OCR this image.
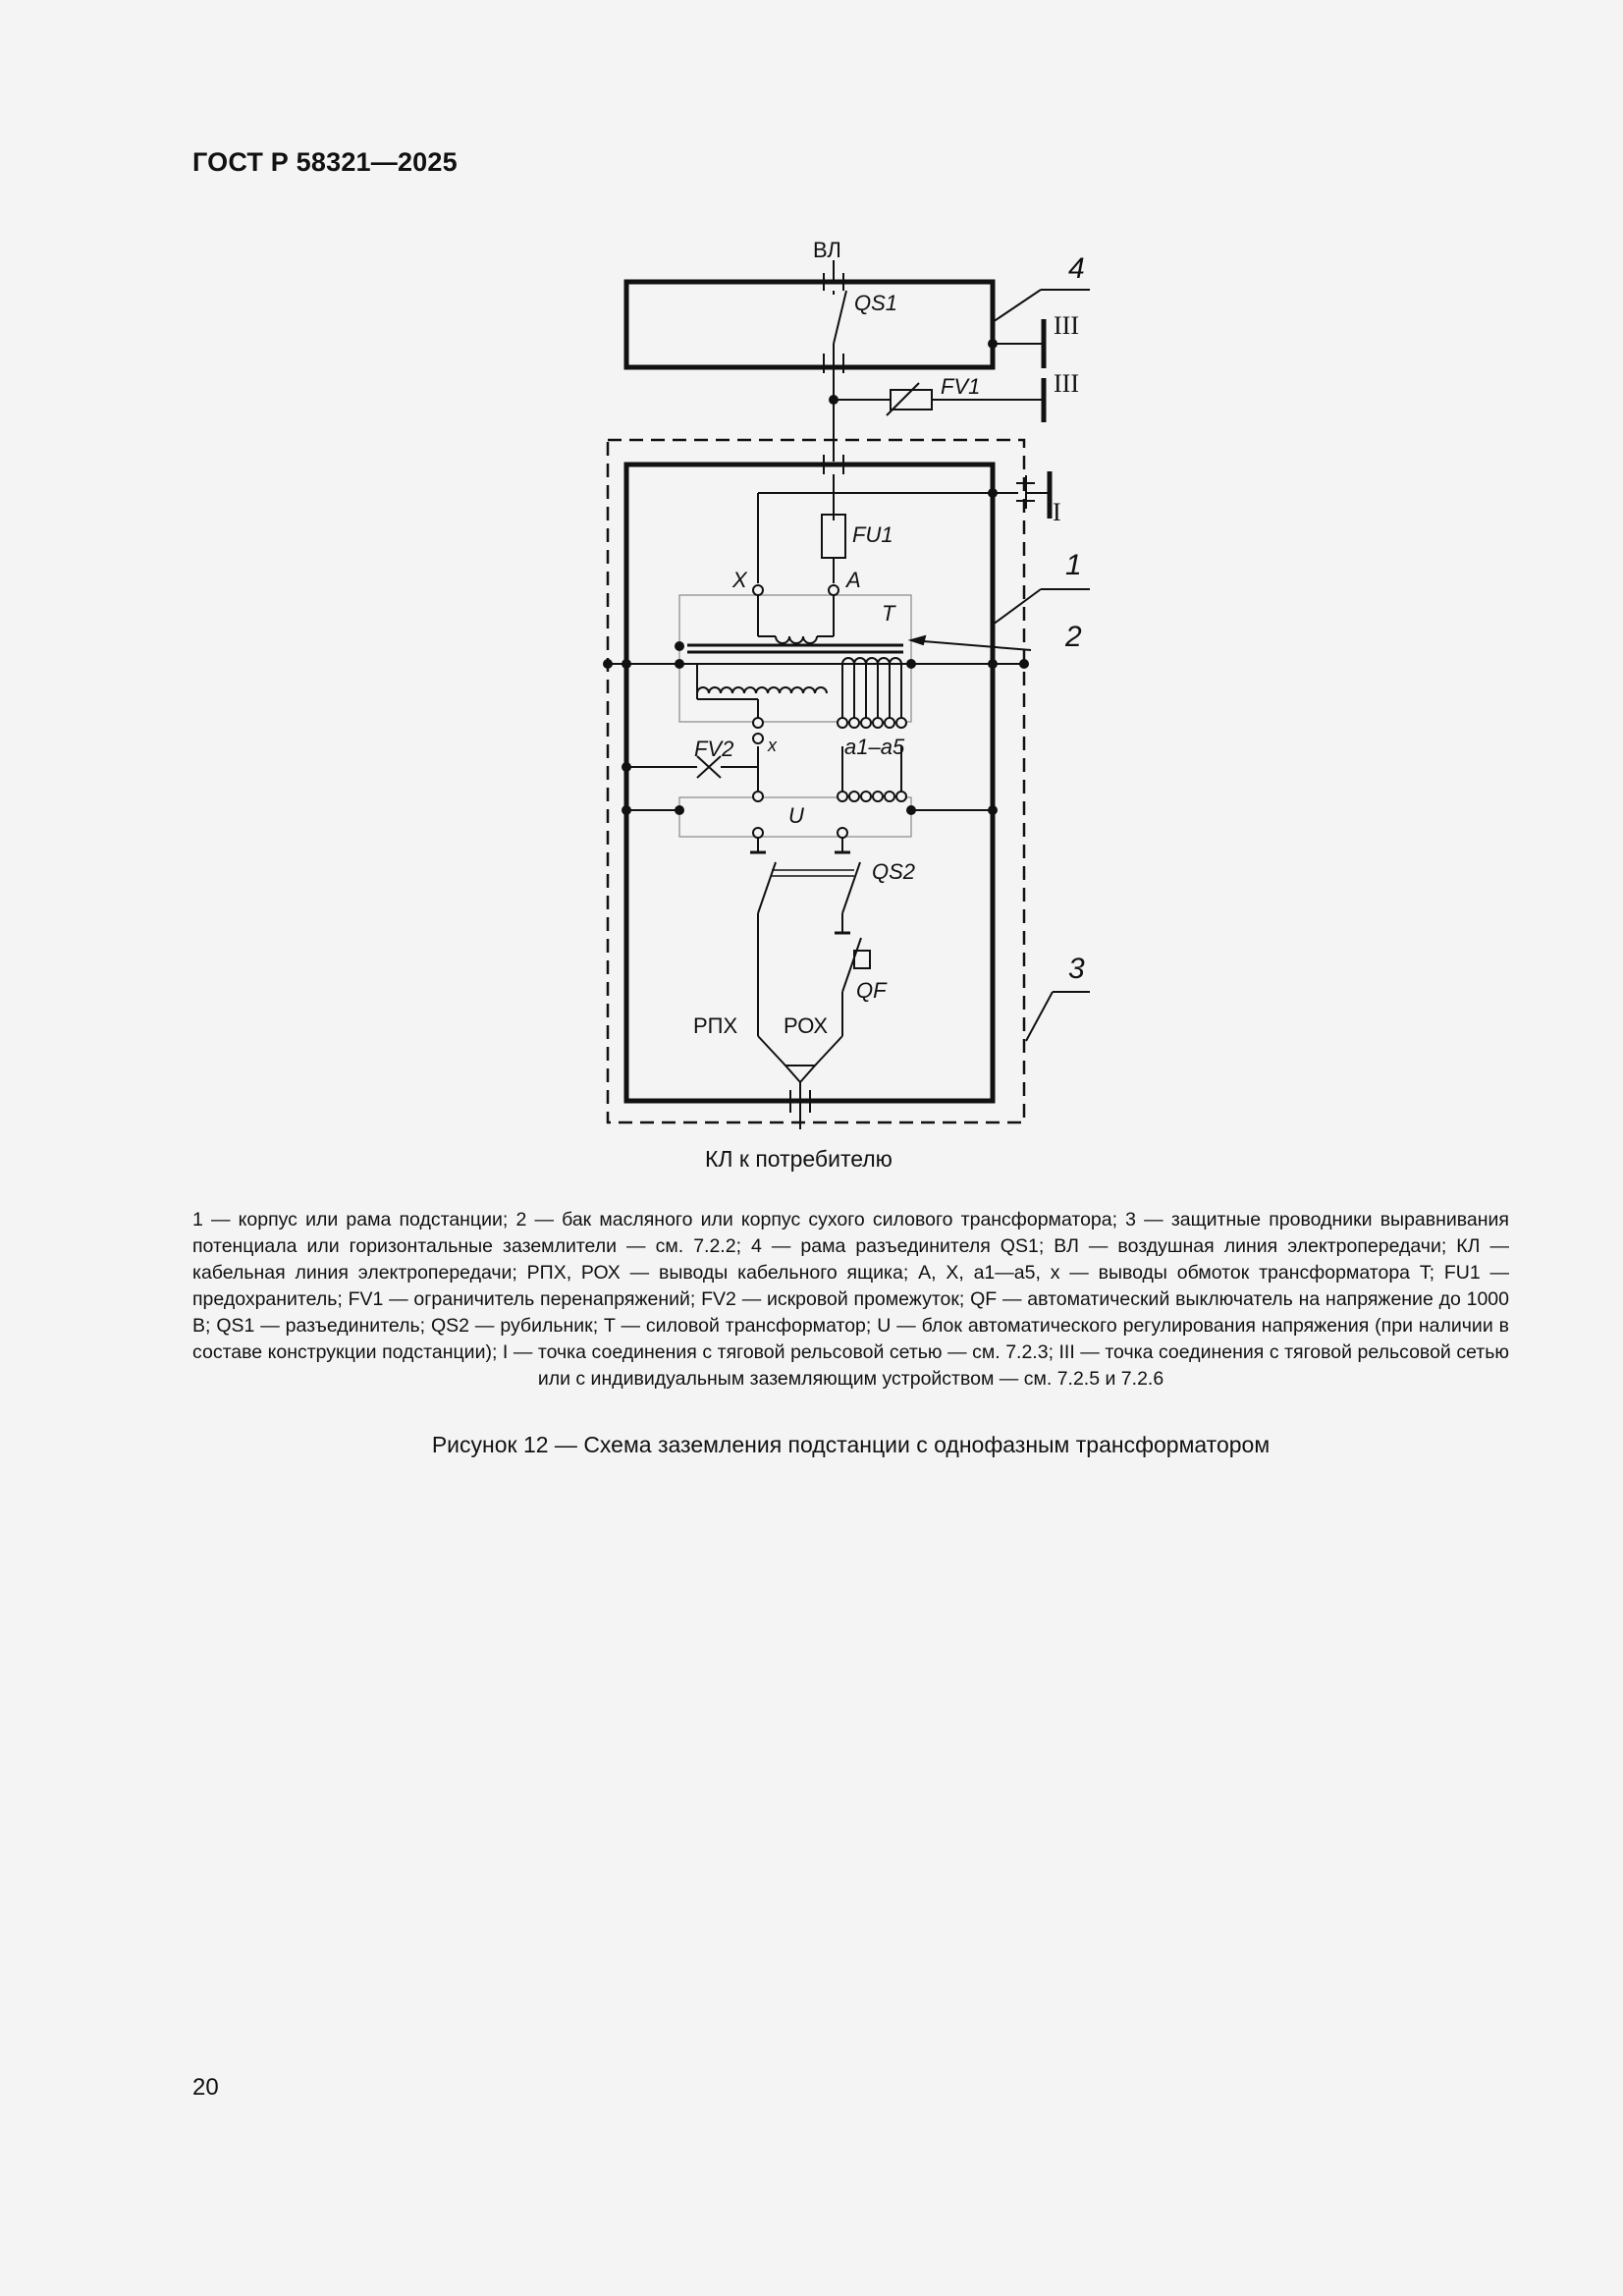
ГОСТ Р 58321—2025
ВЛ
QS1
FV1
FU1
X	A
T
x
FV2	a1–a5
U
QS2
QF
РПХ РОХ
КЛ к потребителю
III
III
I
1
2
3
4
1 — корпус или рама подстанции; 2 — бак масляного или корпус сухого силового трансформатора; 3 — защитные проводники выравнивания потенциала или горизонтальные заземлители — см. 7.2.2; 4 — рама разъединителя QS1; ВЛ — воздушная линия электропередачи; КЛ — кабельная линия электропередачи; РПХ, РОХ — выводы кабельного ящика; A, X, a1—a5, x — выводы обмоток трансформатора T; FU1 — предохранитель; FV1 — ограничитель перенапряжений; FV2 — искровой промежуток; QF — автоматический выключатель на напряжение до 1000 В; QS1 — разъединитель; QS2 — рубильник; T — силовой трансформатор; U — блок автоматического регулирования напряжения (при наличии в составе конструкции подстанции); I — точка соединения с тяговой рельсовой сетью — см. 7.2.3; III — точка соединения с тяговой рельсовой сетью или с индивидуальным заземляющим устройством — см. 7.2.5 и 7.2.6
Рисунок 12 — Схема заземления подстанции с однофазным трансформатором
20
